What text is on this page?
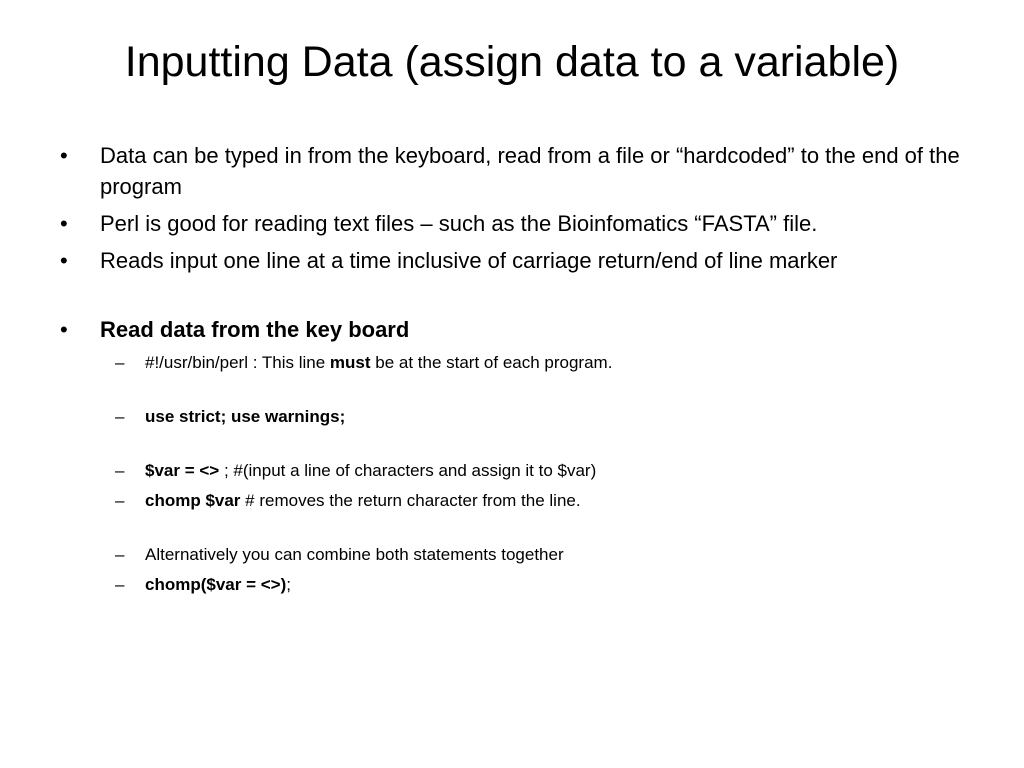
Inputting Data (assign data to a variable)
•	Data can be typed in from the keyboard, read from a file or “hardcoded” to the end of the program
•	Perl is good for reading text files – such as the Bioinfomatics “FASTA” file.
•	Reads input one line at a time inclusive of carriage return/end of line marker
•	Read data from the key board
– #!/usr/bin/perl : This line must be at the start of each program.
– use strict; use warnings;
– $var = <> ; #(input a line of characters and assign it to $var)
– chomp $var # removes the return character from the line.
– Alternatively you can combine both statements together
– chomp($var = <>);
